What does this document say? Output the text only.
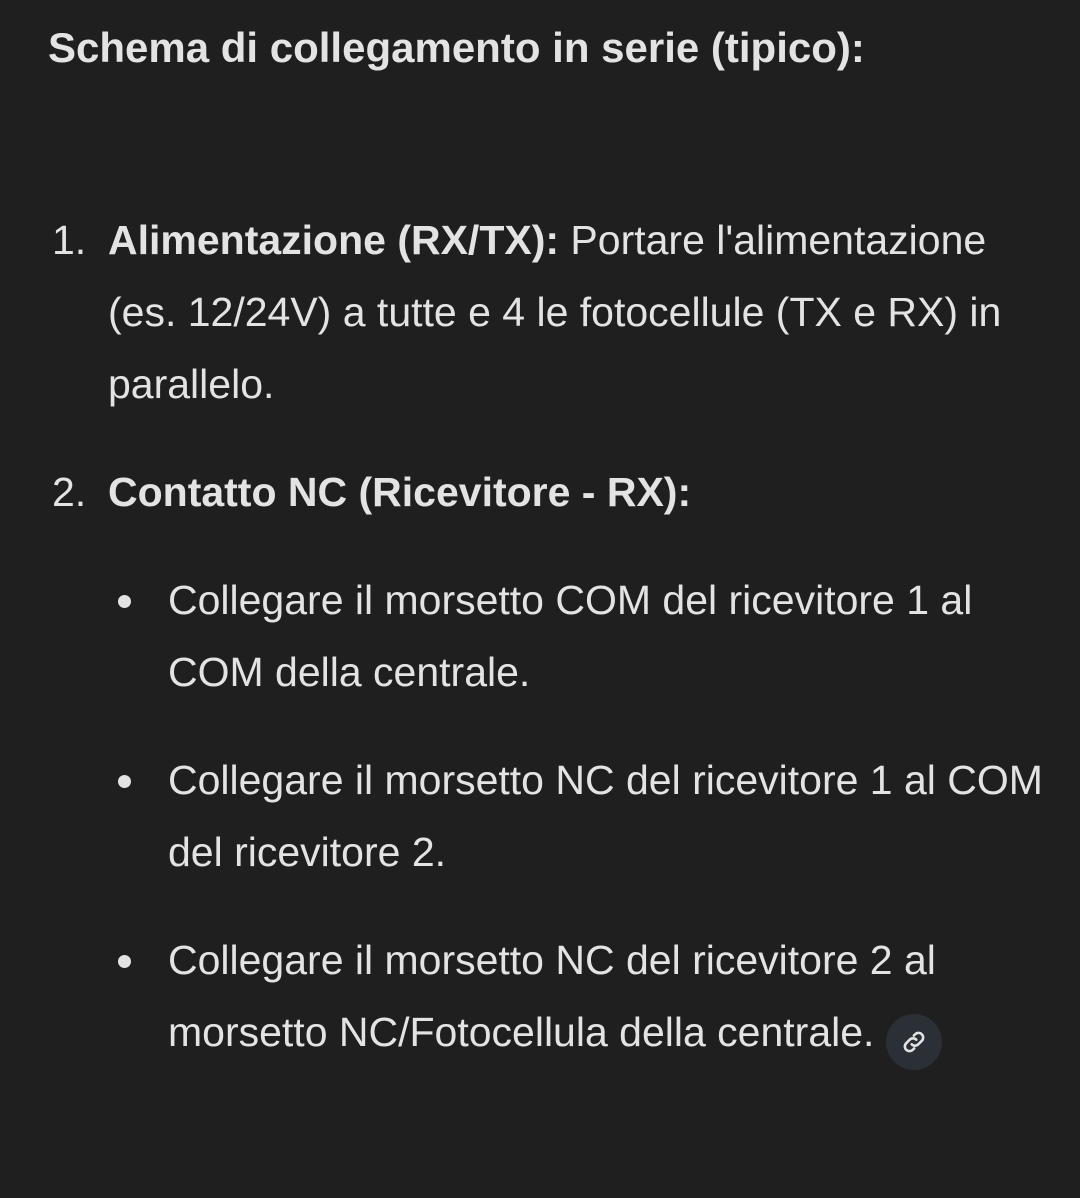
Schema di collegamento in serie (tipico):
1. Alimentazione (RX/TX): Portare l'alimentazione (es. 12/24V) a tutte e 4 le fotocellule (TX e RX) in parallelo.
2. Contatto NC (Ricevitore - RX):
Collegare il morsetto COM del ricevitore 1 al COM della centrale.
Collegare il morsetto NC del ricevitore 1 al COM del ricevitore 2.
Collegare il morsetto NC del ricevitore 2 al morsetto NC/Fotocellula della centrale.
